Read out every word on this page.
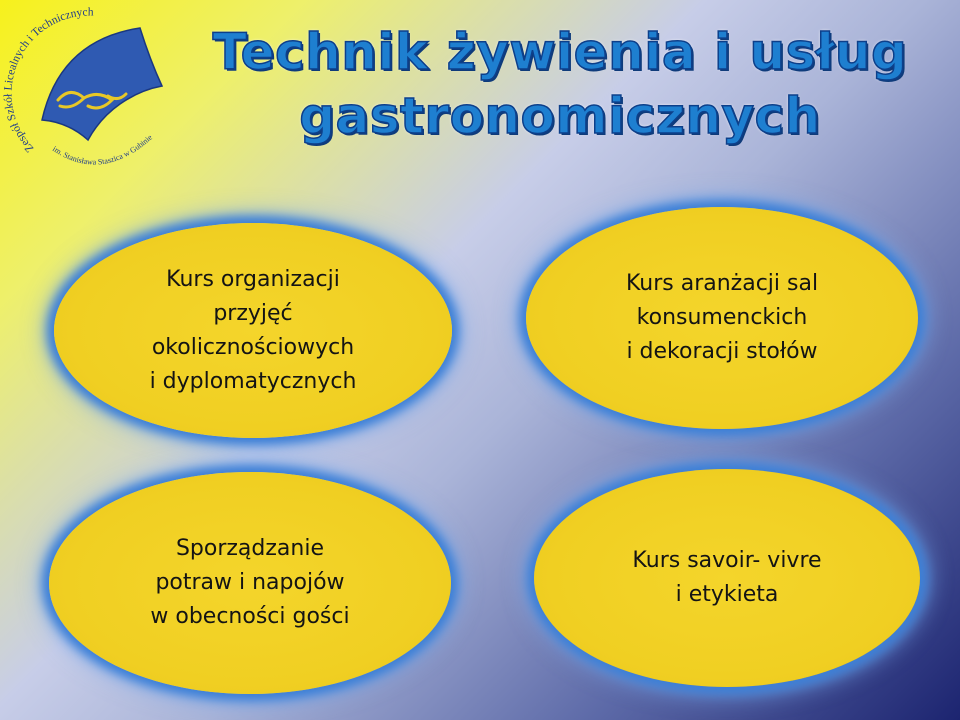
Zespół Szkół Licealnych i Technicznych
im. Stanisława Staszica w Gubinie
Technik żywienia i usług
gastronomicznych
Kurs organizacji
przyjęć
okolicznościowych
i dyplomatycznych
Kurs aranżacji sal
konsumenckich
i dekoracji stołów
Sporządzanie
potraw i napojów
w obecności gości
Kurs savoir- vivre
i etykieta
